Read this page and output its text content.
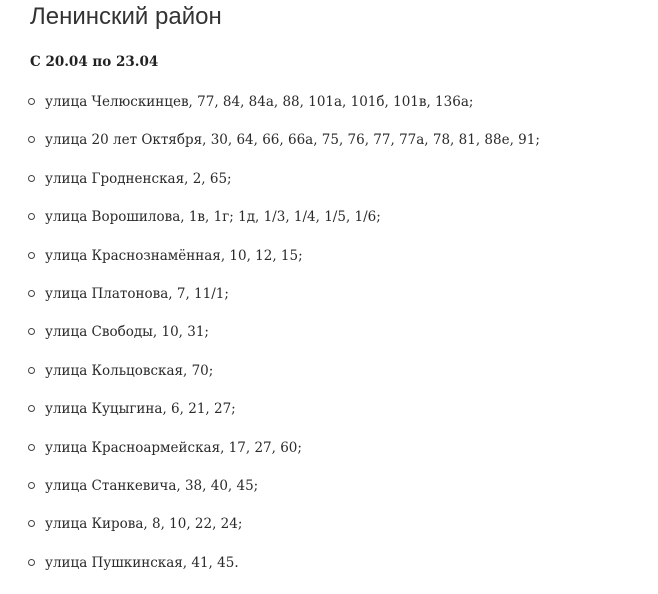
Ленинский район

С 20.04 по 23.04

улица Челюскинцев, 77, 84, 84а, 88, 101а, 101б, 101в, 136а;
улица 20 лет Октября, 30, 64, 66, 66а, 75, 76, 77, 77а, 78, 81, 88е, 91;
улица Гродненская, 2, 65;
улица Ворошилова, 1в, 1г; 1д, 1/3, 1/4, 1/5, 1/6;
улица Краснознамённая, 10, 12, 15;
улица Платонова, 7, 11/1;
улица Свободы, 10, 31;
улица Кольцовская, 70;
улица Куцыгина, 6, 21, 27;
улица Красноармейская, 17, 27, 60;
улица Станкевича, 38, 40, 45;
улица Кирова, 8, 10, 22, 24;
улица Пушкинская, 41, 45.
